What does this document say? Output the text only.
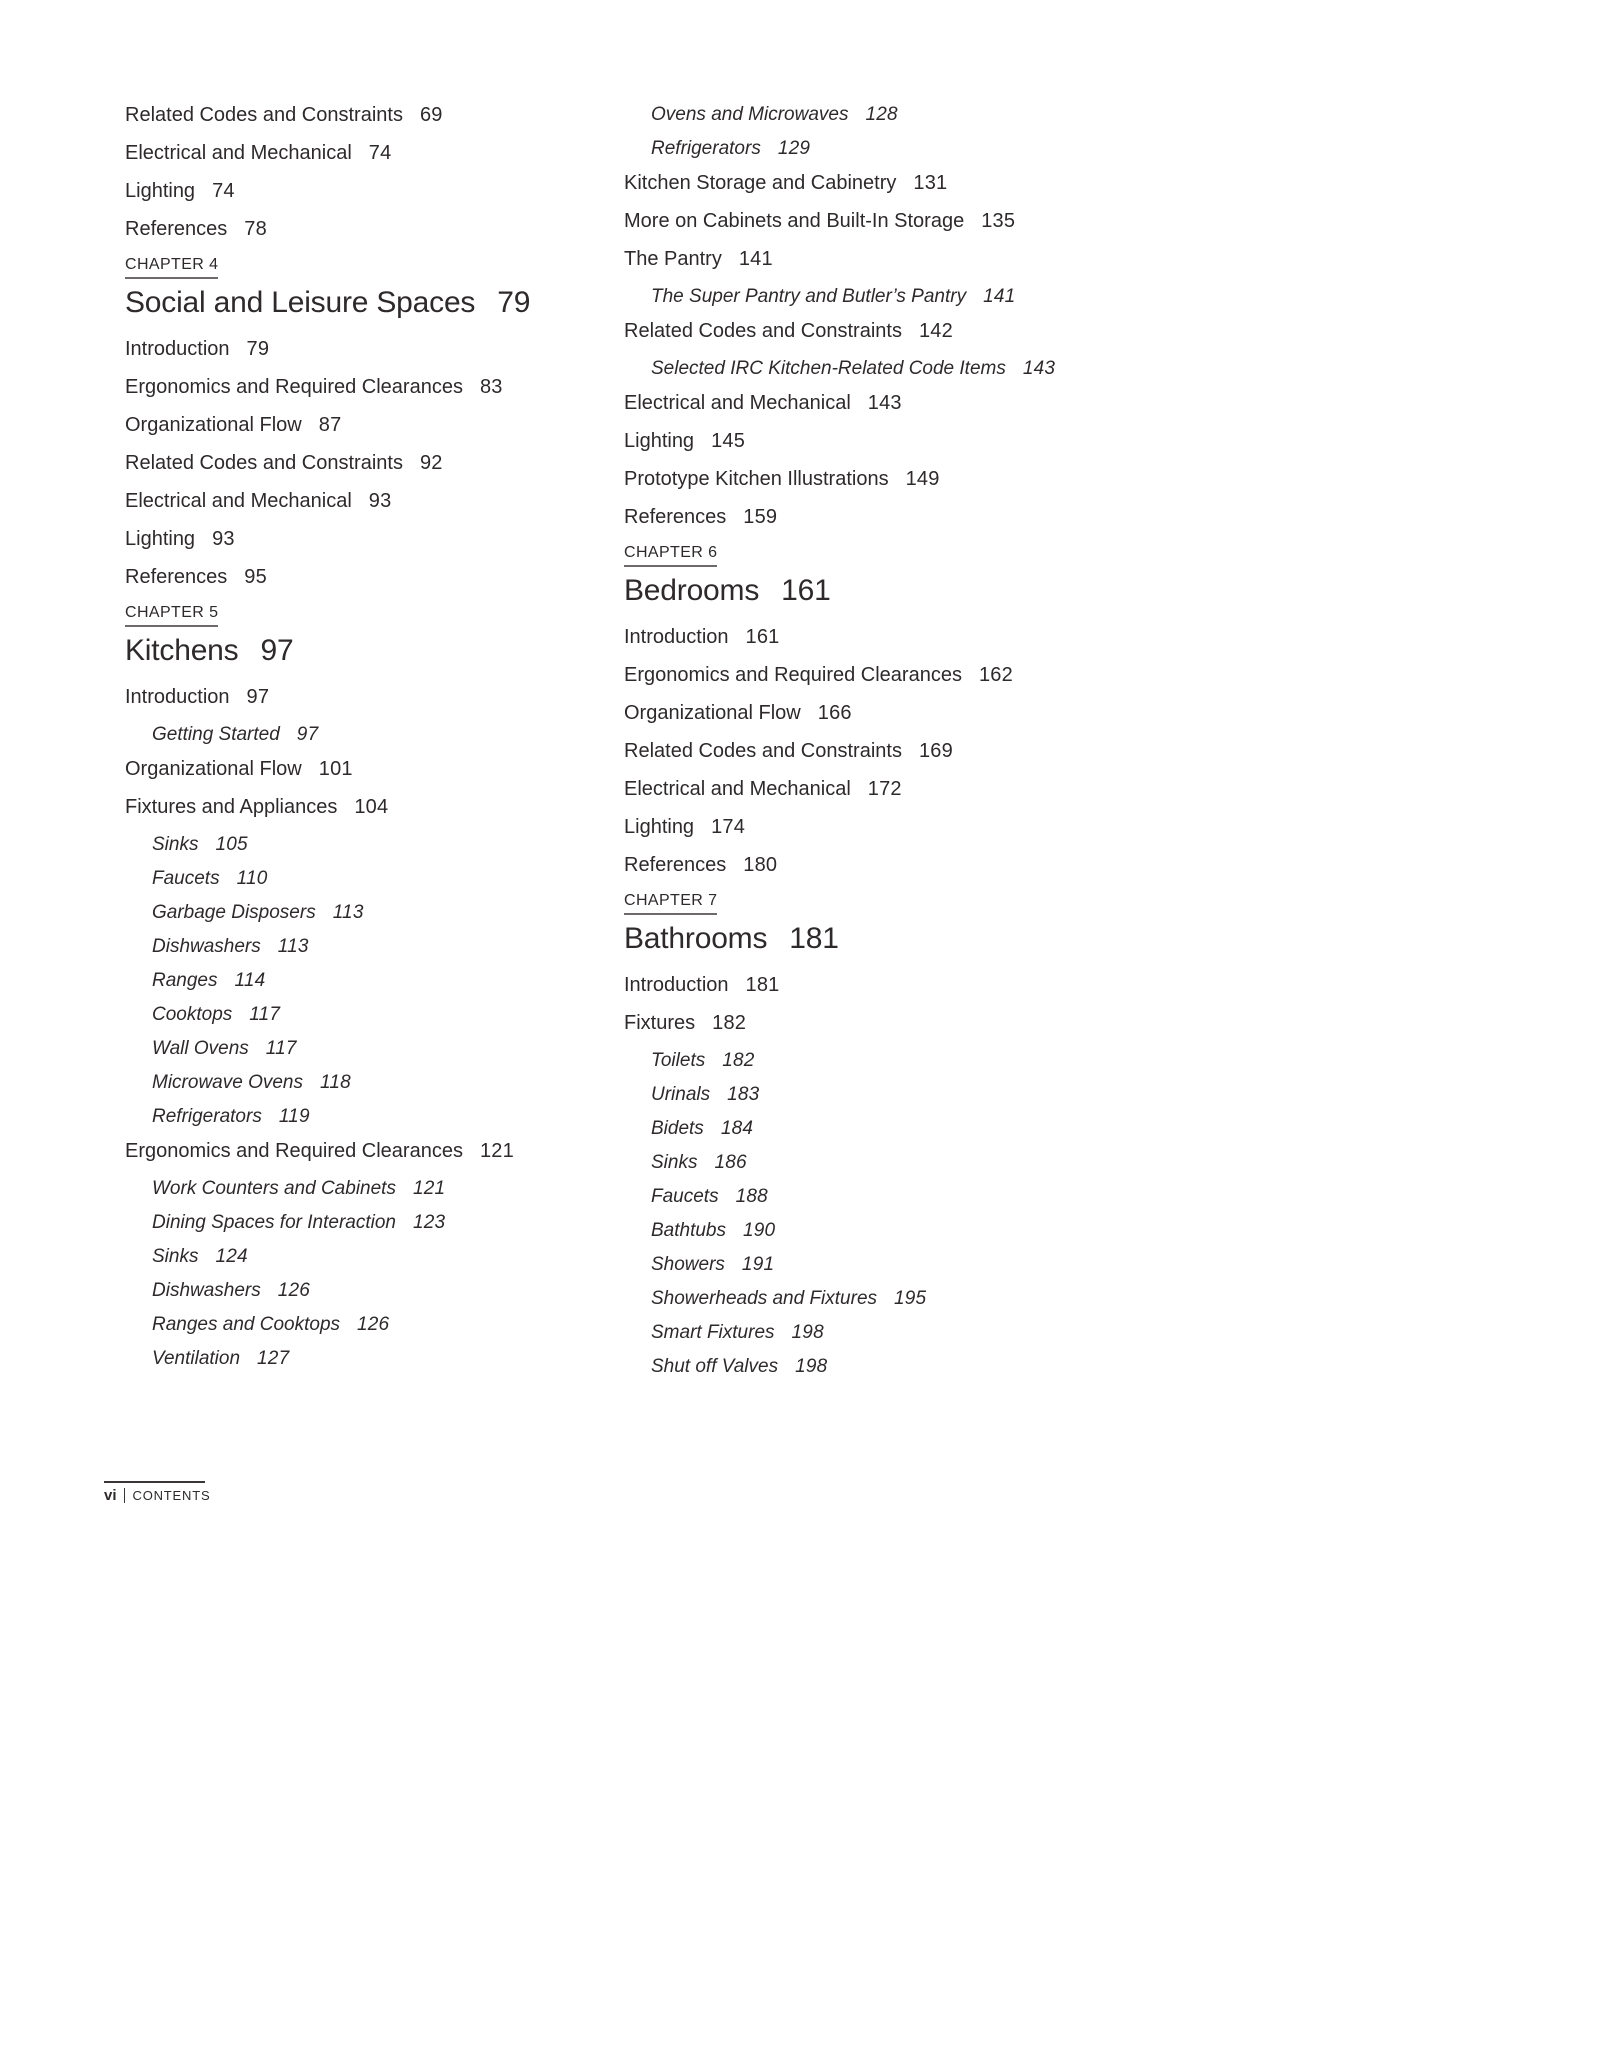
Related Codes and Constraints 69
Electrical and Mechanical 74
Lighting 74
References 78
CHAPTER 4
Social and Leisure Spaces 79
Introduction 79
Ergonomics and Required Clearances 83
Organizational Flow 87
Related Codes and Constraints 92
Electrical and Mechanical 93
Lighting 93
References 95
CHAPTER 5
Kitchens 97
Introduction 97
Getting Started 97
Organizational Flow 101
Fixtures and Appliances 104
Sinks 105
Faucets 110
Garbage Disposers 113
Dishwashers 113
Ranges 114
Cooktops 117
Wall Ovens 117
Microwave Ovens 118
Refrigerators 119
Ergonomics and Required Clearances 121
Work Counters and Cabinets 121
Dining Spaces for Interaction 123
Sinks 124
Dishwashers 126
Ranges and Cooktops 126
Ventilation 127
Ovens and Microwaves 128
Refrigerators 129
Kitchen Storage and Cabinetry 131
More on Cabinets and Built-In Storage 135
The Pantry 141
The Super Pantry and Butler’s Pantry 141
Related Codes and Constraints 142
Selected IRC Kitchen-Related Code Items 143
Electrical and Mechanical 143
Lighting 145
Prototype Kitchen Illustrations 149
References 159
CHAPTER 6
Bedrooms 161
Introduction 161
Ergonomics and Required Clearances 162
Organizational Flow 166
Related Codes and Constraints 169
Electrical and Mechanical 172
Lighting 174
References 180
CHAPTER 7
Bathrooms 181
Introduction 181
Fixtures 182
Toilets 182
Urinals 183
Bidets 184
Sinks 186
Faucets 188
Bathtubs 190
Showers 191
Showerheads and Fixtures 195
Smart Fixtures 198
Shut off Valves 198
vi	CONTENTS
